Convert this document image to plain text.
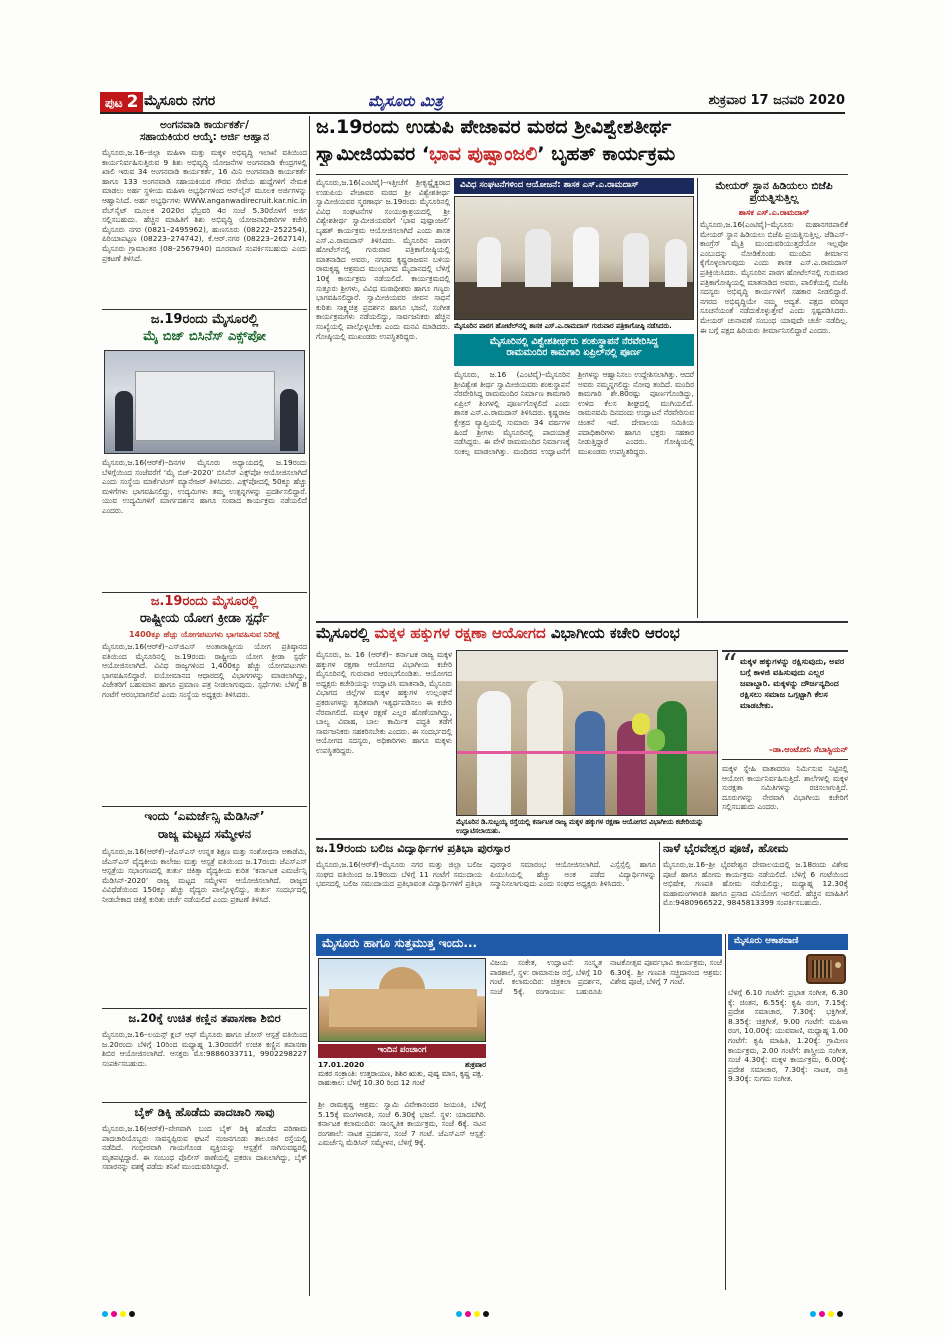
ಪುಟ 2 ಮೈಸೂರು ನಗರ	ಮೈಸೂರು ಮಿತ್ರ	ಶುಕ್ರವಾರ 17 ಜನವರಿ 2020
ಅಂಗನವಾಡಿ ಕಾರ್ಯಕರ್ತೆ/
ಸಹಾಯಕಿಯರ ಆಯ್ಕೆ: ಅರ್ಜಿ ಆಹ್ವಾನ
ಮೈಸೂರು,ಜ.16–ಜಿಲ್ಲಾ ಮಹಿಳಾ ಮತ್ತು ಮಕ್ಕಳ ಅಭಿವೃದ್ಧಿ ಇಲಾಖೆ ವತಿಯಿಂದ ಕಾರ್ಯನಿರ್ವಹಿಸುತ್ತಿರುವ 9 ಶಿಶು ಅಭಿವೃದ್ಧಿ ಯೋಜನೆಗಳ ಅಂಗನವಾಡಿ ಕೇಂದ್ರಗಳಲ್ಲಿ ಖಾಲಿ ಇರುವ 34 ಅಂಗನವಾಡಿ ಕಾರ್ಯಕರ್ತೆ, 16 ಮಿನಿ ಅಂಗನವಾಡಿ ಕಾರ್ಯಕರ್ತೆ ಹಾಗೂ 133 ಅಂಗನವಾಡಿ ಸಹಾಯಕಿಯರ ಗೌರವ ಸೇವೆಯ ಹುದ್ದೆಗಳಿಗೆ ನೇಮಕ ಮಾಡಲು ಅರ್ಹ ಸ್ಥಳೀಯ ಮಹಿಳಾ ಅಭ್ಯರ್ಥಿಗಳಿಂದ ಆನ್‌ಲೈನ್ ಮೂಲಕ ಅರ್ಜಿಗಳನ್ನು ಆಹ್ವಾನಿಸಿದೆ. ಅರ್ಹ ಅಭ್ಯರ್ಥಿಗಳು WWW.anganwadirecruit.kar.nic.in ವೆಬ್‌ಸೈಟ್ ಮೂಲಕ 2020ರ ಫೆಬ್ರವರಿ 4ರ ಸಂಜೆ 5.30ರೊಳಗೆ ಅರ್ಜಿ ಸಲ್ಲಿಸಬಹುದು. ಹೆಚ್ಚಿನ ಮಾಹಿತಿಗೆ ಶಿಶು ಅಭಿವೃದ್ಧಿ ಯೋಜನಾಧಿಕಾರಿಗಳ ಕಚೇರಿ ಮೈಸೂರು ನಗರ (0821–2495962), ಹುಣಸೂರು (08222–252254), ಪಿರಿಯಾಪಟ್ಟಣ (08223–274742), ಕೆ.ಆರ್.ನಗರ (08223–262714), ಮೈಸೂರು ಗ್ರಾಮಾಂತರ (08–2567940) ದೂರವಾಣಿ ಸಂಪರ್ಕಿಸಬಹುದು ಎಂದು ಪ್ರಕಟಣೆ ತಿಳಿಸಿದೆ.
ಜ.19ರಂದು ಮೈಸೂರಲ್ಲಿ
ಮೈ ಬಿಜ್ ಬಿಸಿನೆಸ್ ಎಕ್ಸ್‌ಪೋ
ಮೈಸೂರು,ಜ.16(ಆರ್‌ಕೆ)–ದಿನಗಳ ಮೈಸೂರು ಅಧ್ಯಾಯದಲ್ಲಿ ಜ.19ರಂದು ಬೆಳಿಗ್ಗೆಯಿಂದ ಸಂಜೆವರೆಗೆ ‘ಮೈ ಬಿಜ್-2020’ ಬಿಸಿನೆಸ್ ಎಕ್ಸ್‌ಪೋ ಆಯೋಜಿಸಲಾಗಿದೆ ಎಂದು ಸಂಸ್ಥೆಯ ಮಾರ್ಕೆಟಿಂಗ್ ಮ್ಯಾನೇಜರ್ ತಿಳಿಸಿದರು. ಎಕ್ಸ್‌ಪೋದಲ್ಲಿ 50ಕ್ಕೂ ಹೆಚ್ಚು ಮಳಿಗೆಗಳು ಭಾಗವಹಿಸಲಿದ್ದು, ಉದ್ಯಮಿಗಳು ತಮ್ಮ ಉತ್ಪನ್ನಗಳನ್ನು ಪ್ರದರ್ಶಿಸಲಿದ್ದಾರೆ. ಯುವ ಉದ್ಯಮಿಗಳಿಗೆ ಮಾರ್ಗದರ್ಶನ ಹಾಗೂ ಸಂವಾದ ಕಾರ್ಯಕ್ರಮ ನಡೆಯಲಿದೆ ಎಂದರು.
ಜ.19ರಂದು ಮೈಸೂರಲ್ಲಿ
ರಾಷ್ಟ್ರೀಯ ಯೋಗ ಕ್ರೀಡಾ ಸ್ಪರ್ಧೆ
1400ಕ್ಕೂ ಹೆಚ್ಚು ಯೋಗಪಟುಗಳು ಭಾಗವಹಿಸುವ ನಿರೀಕ್ಷೆ
ಮೈಸೂರು,ಜ.16(ಆರ್‌ಕೆ)–ಎಸ್‌ಜಿಎಸ್ ಅಂತಾರಾಷ್ಟ್ರೀಯ ಯೋಗ ಪ್ರತಿಷ್ಠಾನದ ವತಿಯಿಂದ ಮೈಸೂರಿನಲ್ಲಿ ಜ.19ರಂದು ರಾಷ್ಟ್ರೀಯ ಯೋಗ ಕ್ರೀಡಾ ಸ್ಪರ್ಧೆ ಆಯೋಜಿಸಲಾಗಿದೆ. ವಿವಿಧ ರಾಜ್ಯಗಳಿಂದ 1,400ಕ್ಕೂ ಹೆಚ್ಚು ಯೋಗಪಟುಗಳು ಭಾಗವಹಿಸಲಿದ್ದಾರೆ. ವಯೋಮಾನದ ಆಧಾರದಲ್ಲಿ ವಿಭಾಗಗಳನ್ನು ಮಾಡಲಾಗಿದ್ದು, ವಿಜೇತರಿಗೆ ಬಹುಮಾನ ಹಾಗೂ ಪ್ರಮಾಣ ಪತ್ರ ನೀಡಲಾಗುವುದು. ಸ್ಪರ್ಧೆಗಳು ಬೆಳಿಗ್ಗೆ 8 ಗಂಟೆಗೆ ಆರಂಭವಾಗಲಿವೆ ಎಂದು ಸಂಸ್ಥೆಯ ಅಧ್ಯಕ್ಷರು ತಿಳಿಸಿದರು.
ಇಂದು ‘ಎಮರ್ಜೆನ್ಸಿ ಮೆಡಿಸಿನ್’
ರಾಜ್ಯ ಮಟ್ಟದ ಸಮ್ಮೇಳನ
ಮೈಸೂರು,ಜ.16(ಆರ್‌ಕೆ)–ಜೆಎಸ್‌ಎಸ್ ಉನ್ನತ ಶಿಕ್ಷಣ ಮತ್ತು ಸಂಶೋಧನಾ ಅಕಾಡೆಮಿ, ಜೆಎಸ್‌ಎಸ್ ವೈದ್ಯಕೀಯ ಕಾಲೇಜು ಮತ್ತು ಆಸ್ಪತ್ರೆ ವತಿಯಿಂದ ಜ.17ರಂದು ಜೆಎಸ್‌ಎಸ್ ಆಸ್ಪತ್ರೆಯ ಸಭಾಂಗಣದಲ್ಲಿ ತುರ್ತು ಚಿಕಿತ್ಸಾ ವೈದ್ಯಕೀಯ ಕುರಿತ ‘ಕರ್ನಾಟಕ ಎಮರ್ಜೆನ್ಸಿ ಮೆಡಿಸಿನ್-2020’ ರಾಜ್ಯ ಮಟ್ಟದ ಸಮ್ಮೇಳನ ಆಯೋಜಿಸಲಾಗಿದೆ. ರಾಜ್ಯದ ವಿವಿಧೆಡೆಯಿಂದ 150ಕ್ಕೂ ಹೆಚ್ಚು ವೈದ್ಯರು ಪಾಲ್ಗೊಳ್ಳಲಿದ್ದು, ತುರ್ತು ಸಂದರ್ಭದಲ್ಲಿ ನೀಡಬೇಕಾದ ಚಿಕಿತ್ಸೆ ಕುರಿತು ಚರ್ಚೆ ನಡೆಯಲಿದೆ ಎಂದು ಪ್ರಕಟಣೆ ತಿಳಿಸಿದೆ.
ಜ.20ಕ್ಕೆ ಉಚಿತ ಕಣ್ಣಿನ ತಪಾಸಣಾ ಶಿಬಿರ
ಮೈಸೂರು,ಜ.16–ಲಯನ್ಸ್ ಕ್ಲಬ್ ಆಫ್ ಮೈಸೂರು ಹಾಗೂ ಜೋಸ್ ಆಸ್ಪತ್ರೆ ವತಿಯಿಂದ ಜ.20ರಂದು ಬೆಳಿಗ್ಗೆ 10ರಿಂದ ಮಧ್ಯಾಹ್ನ 1.30ರವರೆಗೆ ಉಚಿತ ಕಣ್ಣಿನ ತಪಾಸಣಾ ಶಿಬಿರ ಆಯೋಜಿಸಲಾಗಿದೆ. ಆಸಕ್ತರು ಮೊ:9886033711, 9902298227 ಸಂಪರ್ಕಿಸಬಹುದು.
ಬೈಕ್ ಡಿಕ್ಕಿ ಹೊಡೆದು ಪಾದಚಾರಿ ಸಾವು
ಮೈಸೂರು,ಜ.16(ಆರ್‌ಕೆ)–ವೇಗವಾಗಿ ಬಂದ ಬೈಕ್ ಡಿಕ್ಕಿ ಹೊಡೆದ ಪರಿಣಾಮ ಪಾದಚಾರಿಯೊಬ್ಬರು ಸಾವನ್ನಪ್ಪಿರುವ ಘಟನೆ ನಂಜನಗೂಡು ತಾಲೂಕಿನ ರಸ್ತೆಯಲ್ಲಿ ನಡೆದಿದೆ. ಗಂಭೀರವಾಗಿ ಗಾಯಗೊಂಡ ವ್ಯಕ್ತಿಯನ್ನು ಆಸ್ಪತ್ರೆಗೆ ಸಾಗಿಸುವಷ್ಟರಲ್ಲಿ ಮೃತಪಟ್ಟಿದ್ದಾರೆ. ಈ ಸಂಬಂಧ ಪೊಲೀಸ್ ಠಾಣೆಯಲ್ಲಿ ಪ್ರಕರಣ ದಾಖಲಾಗಿದ್ದು, ಬೈಕ್ ಸವಾರನನ್ನು ವಶಕ್ಕೆ ಪಡೆದು ತನಿಖೆ ಮುಂದುವರಿಸಿದ್ದಾರೆ.
ಜ.19ರಂದು ಉಡುಪಿ ಪೇಜಾವರ ಮಠದ ಶ್ರೀವಿಶ್ವೇಶತೀರ್ಥ
ಸ್ವಾಮೀಜಿಯವರ ‘ಭಾವ ಪುಷ್ಪಾಂಜಲಿ’ ಬೃಹತ್ ಕಾರ್ಯಕ್ರಮ
ಮೈಸೂರು,ಜ.16(ಎಂಟಿವೈ)–ಇತ್ತೀಚೆಗೆ ಶ್ರೀಕೃಷ್ಣೈಕ್ಯರಾದ ಉಡುಪಿಯ ಪೇಜಾವರ ಮಠದ ಶ್ರೀ ವಿಶ್ವೇಶತೀರ್ಥ ಸ್ವಾಮೀಜಿಯವರ ಸ್ಮರಣಾರ್ಥ ಜ.19ರಂದು ಮೈಸೂರಿನಲ್ಲಿ ವಿವಿಧ ಸಂಘಟನೆಗಳ ಸಂಯುಕ್ತಾಶ್ರಯದಲ್ಲಿ ಶ್ರೀ ವಿಶ್ವೇಶತೀರ್ಥ ಸ್ವಾಮೀಜಿಯವರಿಗೆ ‘ಭಾವ ಪುಷ್ಪಾಂಜಲಿ’ ಬೃಹತ್ ಕಾರ್ಯಕ್ರಮ ಆಯೋಜಿಸಲಾಗಿದೆ ಎಂದು ಶಾಸಕ ಎಸ್.ಎ.ರಾಮದಾಸ್ ತಿಳಿಸಿದರು. ಮೈಸೂರಿನ ಪಾಠಗ ಹೋಟೆಲ್‌ನಲ್ಲಿ ಗುರುವಾರ ಪತ್ರಿಕಾಗೋಷ್ಠಿಯಲ್ಲಿ ಮಾತನಾಡಿದ ಅವರು, ನಗರದ ಕೃಷ್ಣರಾಜವನ ಬಳಿಯ ರಾಮಕೃಷ್ಣ ಆಶ್ರಮದ ಮುಂಭಾಗದ ಮೈದಾನದಲ್ಲಿ ಬೆಳಿಗ್ಗೆ 10ಕ್ಕೆ ಕಾರ್ಯಕ್ರಮ ನಡೆಯಲಿದೆ. ಕಾರ್ಯಕ್ರಮದಲ್ಲಿ ಸುತ್ತೂರು ಶ್ರೀಗಳು, ವಿವಿಧ ಮಠಾಧೀಶರು ಹಾಗೂ ಗಣ್ಯರು ಭಾಗವಹಿಸಲಿದ್ದಾರೆ. ಸ್ವಾಮೀಜಿಯವರ ಜೀವನ ಸಾಧನೆ ಕುರಿತು ಸಾಕ್ಷ್ಯಚಿತ್ರ ಪ್ರದರ್ಶನ ಹಾಗೂ ಭಜನೆ, ಸಂಗೀತ ಕಾರ್ಯಕ್ರಮಗಳು ನಡೆಯಲಿದ್ದು, ಸಾರ್ವಜನಿಕರು ಹೆಚ್ಚಿನ ಸಂಖ್ಯೆಯಲ್ಲಿ ಪಾಲ್ಗೊಳ್ಳಬೇಕು ಎಂದು ಮನವಿ ಮಾಡಿದರು. ಗೋಷ್ಠಿಯಲ್ಲಿ ಮುಖಂಡರು ಉಪಸ್ಥಿತರಿದ್ದರು.
ವಿವಿಧ ಸಂಘಟನೆಗಳಿಂದ ಆಯೋಜನೆ: ಶಾಸಕ ಎಸ್.ಎ.ರಾಮದಾಸ್
ಮೈಸೂರಿನ ಪಾಠಗ ಹೋಟೆಲ್‌ನಲ್ಲಿ ಶಾಸಕ ಎಸ್.ಎ.ರಾಮದಾಸ್ ಗುರುವಾರ ಪತ್ರಿಕಾಗೋಷ್ಠಿ ನಡೆಸಿದರು.
ಮೈಸೂರಿನಲ್ಲಿ ವಿಶ್ವೇಶತೀರ್ಥರು ಶಂಕುಸ್ಥಾಪನೆ ನೆರವೇರಿಸಿದ್ದ
ರಾಮಮಂದಿರ ಕಾಮಗಾರಿ ಏಪ್ರಿಲ್‌ನಲ್ಲಿ ಪೂರ್ಣ
ಮೈಸೂರು, ಜ.16 (ಎಂಟಿವೈ)–ಮೈಸೂರಿನ ಶ್ರೀವಿಶ್ವೇಶ ತೀರ್ಥ ಸ್ವಾಮೀಜಿಯವರು ಶಂಕುಸ್ಥಾಪನೆ ನೆರವೇರಿಸಿದ್ದ ರಾಮಮಂದಿರ ನಿರ್ಮಾಣ ಕಾಮಗಾರಿ ಏಪ್ರಿಲ್ ತಿಂಗಳಲ್ಲಿ ಪೂರ್ಣಗೊಳ್ಳಲಿದೆ ಎಂದು ಶಾಸಕ ಎಸ್.ಎ.ರಾಮದಾಸ್ ತಿಳಿಸಿದರು. ಕೃಷ್ಣರಾಜ ಕ್ಷೇತ್ರದ ವ್ಯಾಪ್ತಿಯಲ್ಲಿ ಸುಮಾರು 34 ವರ್ಷಗಳ ಹಿಂದೆ ಶ್ರೀಗಳು ಮೈಸೂರಿನಲ್ಲಿ ಪಾದಯಾತ್ರೆ ನಡೆಸಿದ್ದರು. ಈ ವೇಳೆ ರಾಮಮಂದಿರ ನಿರ್ಮಾಣಕ್ಕೆ ಸಂಕಲ್ಪ ಮಾಡಲಾಗಿತ್ತು. ಮಂದಿರದ ಉದ್ಘಾಟನೆಗೆ ಶ್ರೀಗಳನ್ನು ಆಹ್ವಾನಿಸಲು ಉದ್ದೇಶಿಸಲಾಗಿತ್ತು. ಆದರೆ ಅವರು ನಮ್ಮನ್ನಗಲಿದ್ದು ನೋವು ತಂದಿದೆ. ಮಂದಿರ ಕಾಮಗಾರಿ ಶೇ.80ರಷ್ಟು ಪೂರ್ಣಗೊಂಡಿದ್ದು, ಉಳಿದ ಕೆಲಸ ಶೀಘ್ರದಲ್ಲಿ ಮುಗಿಯಲಿದೆ. ರಾಮನವಮಿ ದಿನದಂದು ಉದ್ಘಾಟನೆ ನೆರವೇರಿಸುವ ಚಿಂತನೆ ಇದೆ. ದೇವಾಲಯ ಸಮಿತಿಯ ಪದಾಧಿಕಾರಿಗಳು ಹಾಗೂ ಭಕ್ತರು ಸಹಕಾರ ನೀಡುತ್ತಿದ್ದಾರೆ ಎಂದರು. ಗೋಷ್ಠಿಯಲ್ಲಿ ಮುಖಂಡರು ಉಪಸ್ಥಿತರಿದ್ದರು.
ಮೇಯರ್ ಸ್ಥಾನ ಹಿಡಿಯಲು ಬಿಜೆಪಿ ಪ್ರಯತ್ನಿಸುತ್ತಿಲ್ಲ
ಶಾಸಕ ಎಸ್.ಎ.ರಾಮದಾಸ್
ಮೈಸೂರು,ಜ.16(ಎಂಟಿವೈ)–ಮೈಸೂರು ಮಹಾನಗರಪಾಲಿಕೆ ಮೇಯರ್ ಸ್ಥಾನ ಹಿಡಿಯಲು ಬಿಜೆಪಿ ಪ್ರಯತ್ನಿಸುತ್ತಿಲ್ಲ. ಜೆಡಿಎಸ್-ಕಾಂಗ್ರೆಸ್ ಮೈತ್ರಿ ಮುಂದುವರಿಯುತ್ತದೆಯೋ ಇಲ್ಲವೋ ಎಂಬುದನ್ನು ನೋಡಿಕೊಂಡು ಮುಂದಿನ ತೀರ್ಮಾನ ಕೈಗೊಳ್ಳಲಾಗುವುದು ಎಂದು ಶಾಸಕ ಎಸ್.ಎ.ರಾಮದಾಸ್ ಪ್ರತಿಕ್ರಿಯಿಸಿದರು. ಮೈಸೂರಿನ ಪಾಠಗ ಹೋಟೆಲ್‌ನಲ್ಲಿ ಗುರುವಾರ ಪತ್ರಿಕಾಗೋಷ್ಠಿಯಲ್ಲಿ ಮಾತನಾಡಿದ ಅವರು, ಪಾಲಿಕೆಯಲ್ಲಿ ಬಿಜೆಪಿ ಸದಸ್ಯರು ಅಭಿವೃದ್ಧಿ ಕಾರ್ಯಗಳಿಗೆ ಸಹಕಾರ ನೀಡಲಿದ್ದಾರೆ. ನಗರದ ಅಭಿವೃದ್ಧಿಯೇ ನಮ್ಮ ಆದ್ಯತೆ. ಪಕ್ಷದ ವರಿಷ್ಠರ ಸೂಚನೆಯಂತೆ ನಡೆದುಕೊಳ್ಳುತ್ತೇವೆ ಎಂದು ಸ್ಪಷ್ಟಪಡಿಸಿದರು. ಮೇಯರ್ ಚುನಾವಣೆ ಸಂಬಂಧ ಯಾವುದೇ ಚರ್ಚೆ ನಡೆದಿಲ್ಲ. ಈ ಬಗ್ಗೆ ಪಕ್ಷದ ಹಿರಿಯರು ತೀರ್ಮಾನಿಸಲಿದ್ದಾರೆ ಎಂದರು.
ಮೈಸೂರಲ್ಲಿ ಮಕ್ಕಳ ಹಕ್ಕುಗಳ ರಕ್ಷಣಾ ಆಯೋಗದ ವಿಭಾಗೀಯ ಕಚೇರಿ ಆರಂಭ
ಮೈಸೂರು, ಜ. 16 (ಆರ್‌ಕೆ)– ಕರ್ನಾಟಕ ರಾಜ್ಯ ಮಕ್ಕಳ ಹಕ್ಕುಗಳ ರಕ್ಷಣಾ ಆಯೋಗದ ವಿಭಾಗೀಯ ಕಚೇರಿ ಮೈಸೂರಿನಲ್ಲಿ ಗುರುವಾರ ಆರಂಭಗೊಂಡಿತು. ಆಯೋಗದ ಅಧ್ಯಕ್ಷರು ಕಚೇರಿಯನ್ನು ಉದ್ಘಾಟಿಸಿ ಮಾತನಾಡಿ, ಮೈಸೂರು ವಿಭಾಗದ ಜಿಲ್ಲೆಗಳ ಮಕ್ಕಳ ಹಕ್ಕುಗಳ ಉಲ್ಲಂಘನೆ ಪ್ರಕರಣಗಳನ್ನು ತ್ವರಿತವಾಗಿ ಇತ್ಯರ್ಥಪಡಿಸಲು ಈ ಕಚೇರಿ ನೆರವಾಗಲಿದೆ. ಮಕ್ಕಳ ರಕ್ಷಣೆ ಎಲ್ಲರ ಹೊಣೆಯಾಗಿದ್ದು, ಬಾಲ್ಯ ವಿವಾಹ, ಬಾಲ ಕಾರ್ಮಿಕ ಪದ್ಧತಿ ತಡೆಗೆ ಸಾರ್ವಜನಿಕರು ಸಹಕರಿಸಬೇಕು ಎಂದರು. ಈ ಸಂದರ್ಭದಲ್ಲಿ ಆಯೋಗದ ಸದಸ್ಯರು, ಅಧಿಕಾರಿಗಳು ಹಾಗೂ ಮಕ್ಕಳು ಉಪಸ್ಥಿತರಿದ್ದರು.
ಮೈಸೂರಿನ ಡಿ.ಸುಬ್ಬಯ್ಯ ರಸ್ತೆಯಲ್ಲಿ ಕರ್ನಾಟಕ ರಾಜ್ಯ ಮಕ್ಕಳ ಹಕ್ಕುಗಳ ರಕ್ಷಣಾ ಆಯೋಗದ ವಿಭಾಗೀಯ ಕಚೇರಿಯನ್ನು ಉದ್ಘಾಟಿಸಲಾಯಿತು.
“ ಮಕ್ಕಳ ಹಕ್ಕುಗಳನ್ನು ರಕ್ಷಿಸುವುದು, ಅವರ ಬಗ್ಗೆ ಕಾಳಜಿ ವಹಿಸುವುದು ಎಲ್ಲರ ಜವಾಬ್ದಾರಿ. ಮಕ್ಕಳನ್ನು ದೌರ್ಜನ್ಯದಿಂದ ರಕ್ಷಿಸಲು ಸಮಾಜ ಒಗ್ಗಟ್ಟಾಗಿ ಕೆಲಸ ಮಾಡಬೇಕು.
–ಡಾ.ಆಂಟೋನಿ ಸೆಬಾಸ್ಟಿಯನ್
ಮಕ್ಕಳ ಸ್ನೇಹಿ ವಾತಾವರಣ ನಿರ್ಮಿಸುವ ನಿಟ್ಟಿನಲ್ಲಿ ಆಯೋಗ ಕಾರ್ಯನಿರ್ವಹಿಸುತ್ತಿದೆ. ಶಾಲೆಗಳಲ್ಲಿ ಮಕ್ಕಳ ಸುರಕ್ಷತಾ ಸಮಿತಿಗಳನ್ನು ರಚಿಸಲಾಗುತ್ತಿದೆ. ದೂರುಗಳನ್ನು ನೇರವಾಗಿ ವಿಭಾಗೀಯ ಕಚೇರಿಗೆ ಸಲ್ಲಿಸಬಹುದು ಎಂದರು.
ಜ.19ರಂದು ಬಲಿಜ ವಿದ್ಯಾರ್ಥಿಗಳ ಪ್ರತಿಭಾ ಪುರಸ್ಕಾರ
ಮೈಸೂರು,ಜ.16(ಆರ್‌ಕೆ)–ಮೈಸೂರು ನಗರ ಮತ್ತು ಜಿಲ್ಲಾ ಬಲಿಜ ಸಂಘದ ವತಿಯಿಂದ ಜ.19ರಂದು ಬೆಳಿಗ್ಗೆ 11 ಗಂಟೆಗೆ ಸಮುದಾಯ ಭವನದಲ್ಲಿ ಬಲಿಜ ಸಮುದಾಯದ ಪ್ರತಿಭಾವಂತ ವಿದ್ಯಾರ್ಥಿಗಳಿಗೆ ಪ್ರತಿಭಾ ಪುರಸ್ಕಾರ ಸಮಾರಂಭ ಆಯೋಜಿಸಲಾಗಿದೆ. ಎಸ್ಸೆಸ್ಸೆಲ್ಸಿ ಹಾಗೂ ಪಿಯುಸಿಯಲ್ಲಿ ಹೆಚ್ಚು ಅಂಕ ಪಡೆದ ವಿದ್ಯಾರ್ಥಿಗಳನ್ನು ಸನ್ಮಾನಿಸಲಾಗುವುದು ಎಂದು ಸಂಘದ ಅಧ್ಯಕ್ಷರು ತಿಳಿಸಿದರು.
ನಾಳೆ ಭೈರವೇಶ್ವರ ಪೂಜೆ, ಹೋಮ
ಮೈಸೂರು,ಜ.16–ಶ್ರೀ ಭೈರವೇಶ್ವರ ದೇವಾಲಯದಲ್ಲಿ ಜ.18ರಂದು ವಿಶೇಷ ಪೂಜೆ ಹಾಗೂ ಹೋಮ ಕಾರ್ಯಕ್ರಮ ನಡೆಯಲಿದೆ. ಬೆಳಿಗ್ಗೆ 6 ಗಂಟೆಯಿಂದ ಅಭಿಷೇಕ, ಗಣಪತಿ ಹೋಮ ನಡೆಯಲಿದ್ದು, ಮಧ್ಯಾಹ್ನ 12.30ಕ್ಕೆ ಮಹಾಮಂಗಳಾರತಿ ಹಾಗೂ ಪ್ರಸಾದ ವಿನಿಯೋಗ ಇರಲಿದೆ. ಹೆಚ್ಚಿನ ಮಾಹಿತಿಗೆ ಮೊ:9480966522, 9845813399 ಸಂಪರ್ಕಿಸಬಹುದು.
ಮೈಸೂರು ಹಾಗೂ ಸುತ್ತಮುತ್ತ ಇಂದು...
ಇಂದಿನ ಪಂಚಾಂಗ
17.01.2020	ಶುಕ್ರವಾರ
ಮಕರ ಸಂಕ್ರಾಂತಿ: ಉತ್ತರಾಯಣ, ಶಿಶಿರ ಋತು, ಪುಷ್ಯ ಮಾಸ, ಕೃಷ್ಣ ಪಕ್ಷ. ರಾಹುಕಾಲ: ಬೆಳಿಗ್ಗೆ 10.30 ರಿಂದ 12 ಗಂಟೆ
ಶ್ರೀ ರಾಮಕೃಷ್ಣ ಆಶ್ರಮ: ಸ್ವಾಮಿ ವಿವೇಕಾನಂದರ ಜಯಂತಿ, ಬೆಳಿಗ್ಗೆ 5.15ಕ್ಕೆ ಮಂಗಳಾರತಿ, ಸಂಜೆ 6.30ಕ್ಕೆ ಭಜನೆ. ಸ್ಥಳ: ಯಾದವಗಿರಿ. ಕರ್ನಾಟಕ ಕಲಾಮಂದಿರ: ಸಾಂಸ್ಕೃತಿಕ ಕಾರ್ಯಕ್ರಮ, ಸಂಜೆ 6ಕ್ಕೆ. ನಟನ ರಂಗಶಾಲೆ: ನಾಟಕ ಪ್ರದರ್ಶನ, ಸಂಜೆ 7 ಗಂಟೆ. ಜೆಎಸ್‌ಎಸ್ ಆಸ್ಪತ್ರೆ: ಎಮರ್ಜೆನ್ಸಿ ಮೆಡಿಸಿನ್ ಸಮ್ಮೇಳನ, ಬೆಳಿಗ್ಗೆ 9ಕ್ಕೆ.
ವಿಜಯ ಸಂಕೇತ, ಉದ್ಘಾಟನೆ: ಸಂಸ್ಕೃತ ಪಾಠಶಾಲೆ, ಸ್ಥಳ: ರಾಮಾನುಜ ರಸ್ತೆ, ಬೆಳಿಗ್ಗೆ 10 ಗಂಟೆ. ಕಲಾಮಂದಿರ: ಚಿತ್ರಕಲಾ ಪ್ರದರ್ಶನ, ಸಂಜೆ 5ಕ್ಕೆ. ರಂಗಾಯಣ: ಬಹುರೂಪಿ ನಾಟಕೋತ್ಸವ ಪೂರ್ವಭಾವಿ ಕಾರ್ಯಕ್ರಮ, ಸಂಜೆ 6.30ಕ್ಕೆ. ಶ್ರೀ ಗಣಪತಿ ಸಚ್ಚಿದಾನಂದ ಆಶ್ರಮ: ವಿಶೇಷ ಪೂಜೆ, ಬೆಳಿಗ್ಗೆ 7 ಗಂಟೆ.
ಮೈಸೂರು ಆಕಾಶವಾಣಿ
ಬೆಳಿಗ್ಗೆ 6.10 ಗಂಟೆಗೆ: ಪ್ರಭಾತ ಸಂಗೀತ, 6.30 ಕ್ಕೆ: ಚಿಂತನ, 6.55ಕ್ಕೆ: ಕೃಷಿ ರಂಗ, 7.15ಕ್ಕೆ: ಪ್ರದೇಶ ಸಮಾಚಾರ, 7.30ಕ್ಕೆ: ಭಕ್ತಿಗೀತೆ, 8.35ಕ್ಕೆ: ಚಿತ್ರಗೀತೆ, 9.00 ಗಂಟೆಗೆ: ಮಹಿಳಾ ರಂಗ, 10.00ಕ್ಕೆ: ಯುವವಾಣಿ, ಮಧ್ಯಾಹ್ನ 1.00 ಗಂಟೆಗೆ: ಕೃಷಿ ಮಾಹಿತಿ, 1.20ಕ್ಕೆ: ಗ್ರಾಮೀಣ ಕಾರ್ಯಕ್ರಮ, 2.00 ಗಂಟೆಗೆ: ಶಾಸ್ತ್ರೀಯ ಸಂಗೀತ, ಸಂಜೆ 4.30ಕ್ಕೆ: ಮಕ್ಕಳ ಕಾರ್ಯಕ್ರಮ, 6.00ಕ್ಕೆ: ಪ್ರದೇಶ ಸಮಾಚಾರ, 7.30ಕ್ಕೆ: ನಾಟಕ, ರಾತ್ರಿ 9.30ಕ್ಕೆ: ಸುಗಮ ಸಂಗೀತ.
